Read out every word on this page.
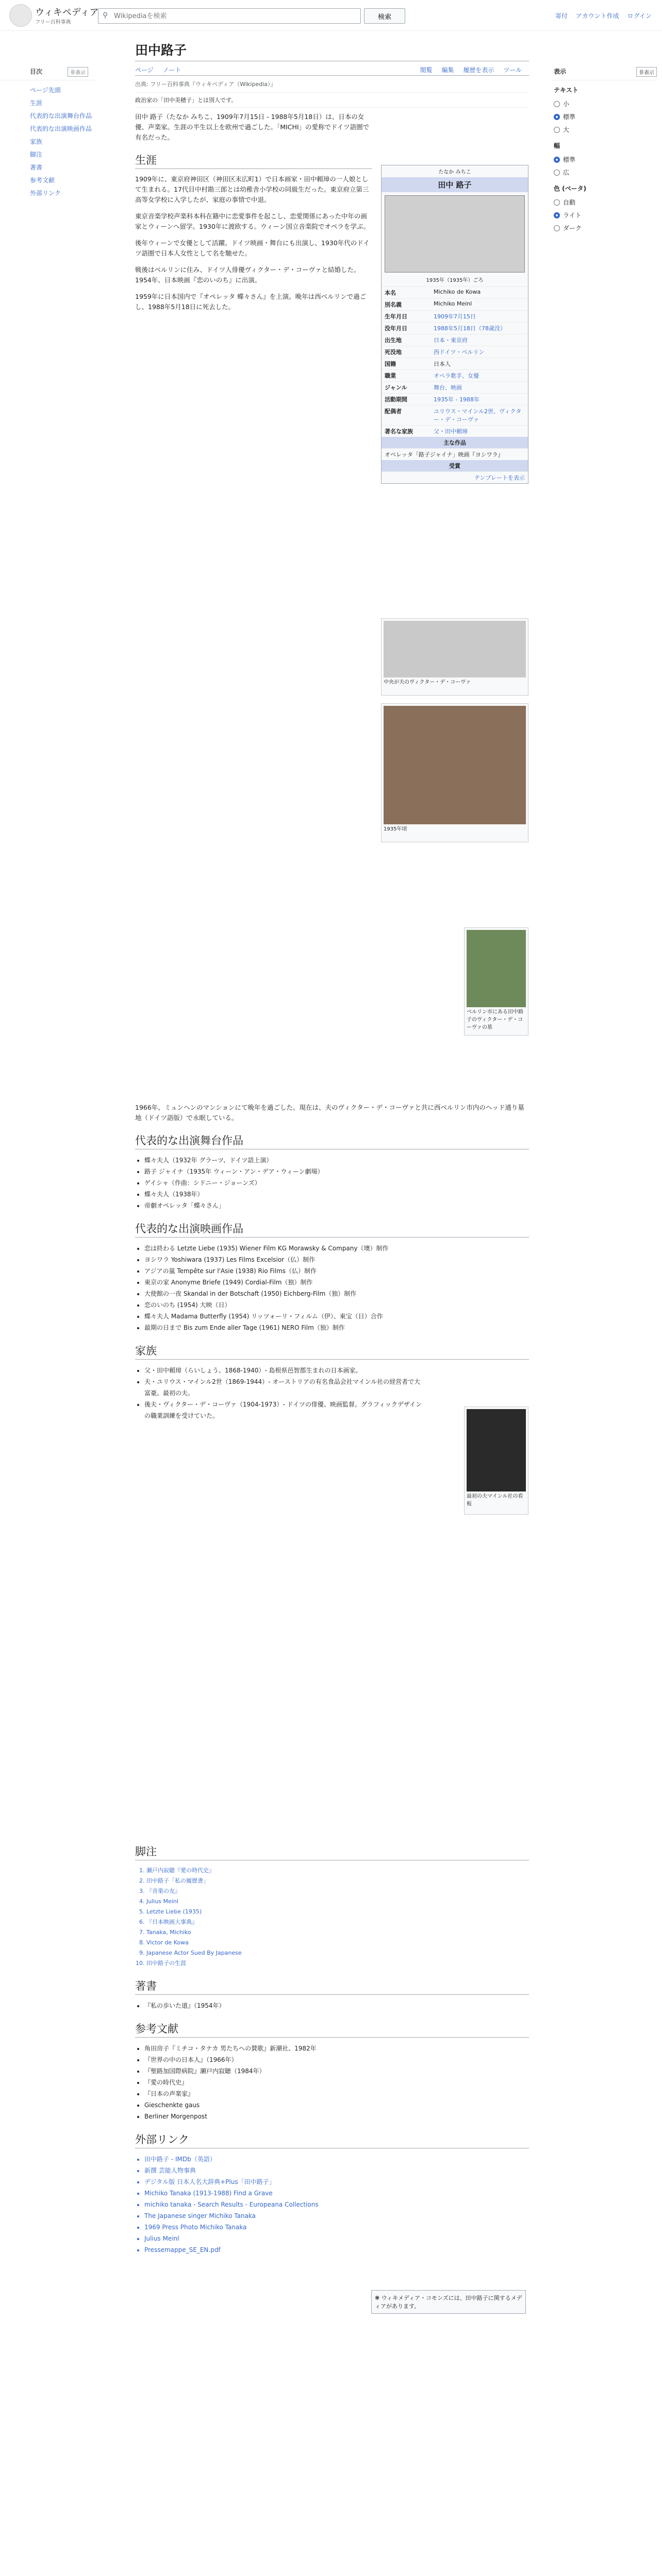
ウィキペディア
フリー百科事典
⚲
Wikipediaを検索	検索	寄付 アカウント作成 ログイン
目次	非表示
ページ先頭
生涯
代表的な出演舞台作品
代表的な出演映画作品
家族
脚注
著書
参考文献
外部リンク
表示	非表示
テキスト
小
標準
大
幅
標準
広
色 (ベータ)
自動
ライト
ダーク
田中路子
ページ ノート	閲覧 編集 履歴を表示 ツール
出典: フリー百科事典『ウィキペディア（Wikipedia）』
政治家の「田中美穂子」とは別人です。

田中 路子（たなか みちこ、1909年7月15日 - 1988年5月18日）は、日本の女優、声楽家。生涯の半生以上を欧州で過ごした。「MICHI」の愛称でドイツ語圏で有名だった。

生涯

1909年に、東京府神田区（神田区末広町1）で日本画家・田中頼璋の一人娘として生まれる。17代目中村勘三郎とは幼稚舎小学校の同級生だった。東京府立第三高等女学校に入学したが、家庭の事情で中退。

東京音楽学校声楽科本科在籍中に恋愛事件を起こし、恋愛関係にあった中年の画家とウィーンへ留学。1930年に渡欧する。ウィーン国立音楽院でオペラを学ぶ。

後年ウィーンで女優として活躍。ドイツ映画・舞台にも出演し、1930年代のドイツ語圏で日本人女性として名を馳せた。

戦後はベルリンに住み、ドイツ人俳優ヴィクター・デ・コーヴァと結婚した。1954年、日本映画『恋のいのち』に出演。

1959年に日本国内で『オペレッタ 蝶々さん』を上演。晩年は西ベルリンで過ごし、1988年5月18日に死去した。

たなか みちこ
田中 路子
1935年（1935年）ごろ
本名	Michiko de Kowa
別名義	Michiko Meinl
生年月日	1909年7月15日
没年月日	1988年5月18日（78歳没）
出生地	日本・東京府
死没地	西ドイツ・ベルリン
国籍	日本人
職業	オペラ歌手、女優
ジャンル	舞台、映画
活動期間	1935年 - 1988年
配偶者	ユリウス・マインル2世、ヴィクター・デ・コーヴァ
著名な家族	父・田中頼璋
主な作品
オペレッタ「路子ジャイナ」映画『ヨシワラ』
受賞
テンプレートを表示
中央が夫のヴィクター・デ・コーヴァ
1935年頃
ベルリン市にある田中路子のヴィクター・デ・コーヴァの墓

1966年、ミュンヘンのマンションにて晩年を過ごした。現在は、夫のヴィクター・デ・コーヴァと共に西ベルリン市内のヘッド通り墓地（ドイツ語版）で永眠している。

代表的な出演舞台作品
• 蝶々夫人（1932年 グラーツ、ドイツ語上演）
• 路子 ジャイナ（1935年 ウィーン・アン・デア・ウィーン劇場）
• ゲイシャ（作曲：シドニー・ジョーンズ）
• 蝶々夫人（1938年）
• 帝劇オペレッタ「蝶々さん」
代表的な出演映画作品
• 恋は終わる Letzte Liebe (1935) Wiener Film KG Morawsky & Company（墺）制作
• ヨシワラ Yoshiwara (1937) Les Films Excelsior（仏）制作
• アジアの嵐 Tempête sur l'Asie (1938) Rio Films（仏）制作
• 東京の家 Anonyme Briefe (1949) Cordial-Film（独）制作
• 大使館の一夜 Skandal in der Botschaft (1950) Eichberg-Film（独）制作
• 恋のいのち (1954) 大映（日）
• 蝶々夫人 Madama Butterfly (1954) リッツォーリ・フィルム（伊）、東宝（日）合作
• 最期の日まで Bis zum Ende aller Tage (1961) NERO Film（独）制作
家族
• 父・田中頼璋（らいしょう、1868-1940）- 島根県邑智郡生まれの日本画家。
• 夫・ユリウス・マインル2世（1869-1944）- オーストリアの有名食品会社マインル社の経営者で大富豪。最初の夫。
• 後夫・ヴィクター・デ・コーヴァ（1904-1973）- ドイツの俳優、映画監督。グラフィックデザインの職業訓練を受けていた。
最初の夫マインル社の看板
脚注
1. 瀬戸内寂聴『愛の時代史』
2. 田中路子「私の履歴書」
3. 『音楽の友』
4. Julius Meinl
5. Letzte Liebe (1935)
6. 『日本映画大事典』
7. Tanaka, Michiko
8. Victor de Kowa
9. Japanese Actor Sued By Japanese
10. 田中路子の生涯
著書
• 『私の歩いた道』（1954年）
参考文献
• 角田房子『ミチコ・タナカ 男たちへの賛歌』新潮社、1982年
• 『世界の中の日本人』（1966年）
• 『聖路加国際病院』瀬戸内寂聴（1984年）
• 『愛の時代史』
• 『日本の声楽家』
• Gieschenkte gaus
• Berliner Morgenpost
外部リンク
• 田中路子 - IMDb（英語）
• 新撰 芸能人物事典
• デジタル版 日本人名大辞典+Plus「田中路子」
• Michiko Tanaka (1913-1988) Find a Grave
• michiko tanaka - Search Results - Europeana Collections
• The Japanese singer Michiko Tanaka
• 1969 Press Photo Michiko Tanaka
• Julius Meinl
• Pressemappe_SE_EN.pdf
❋ ウィキメディア・コモンズには、田中路子に関するメディアがあります。
